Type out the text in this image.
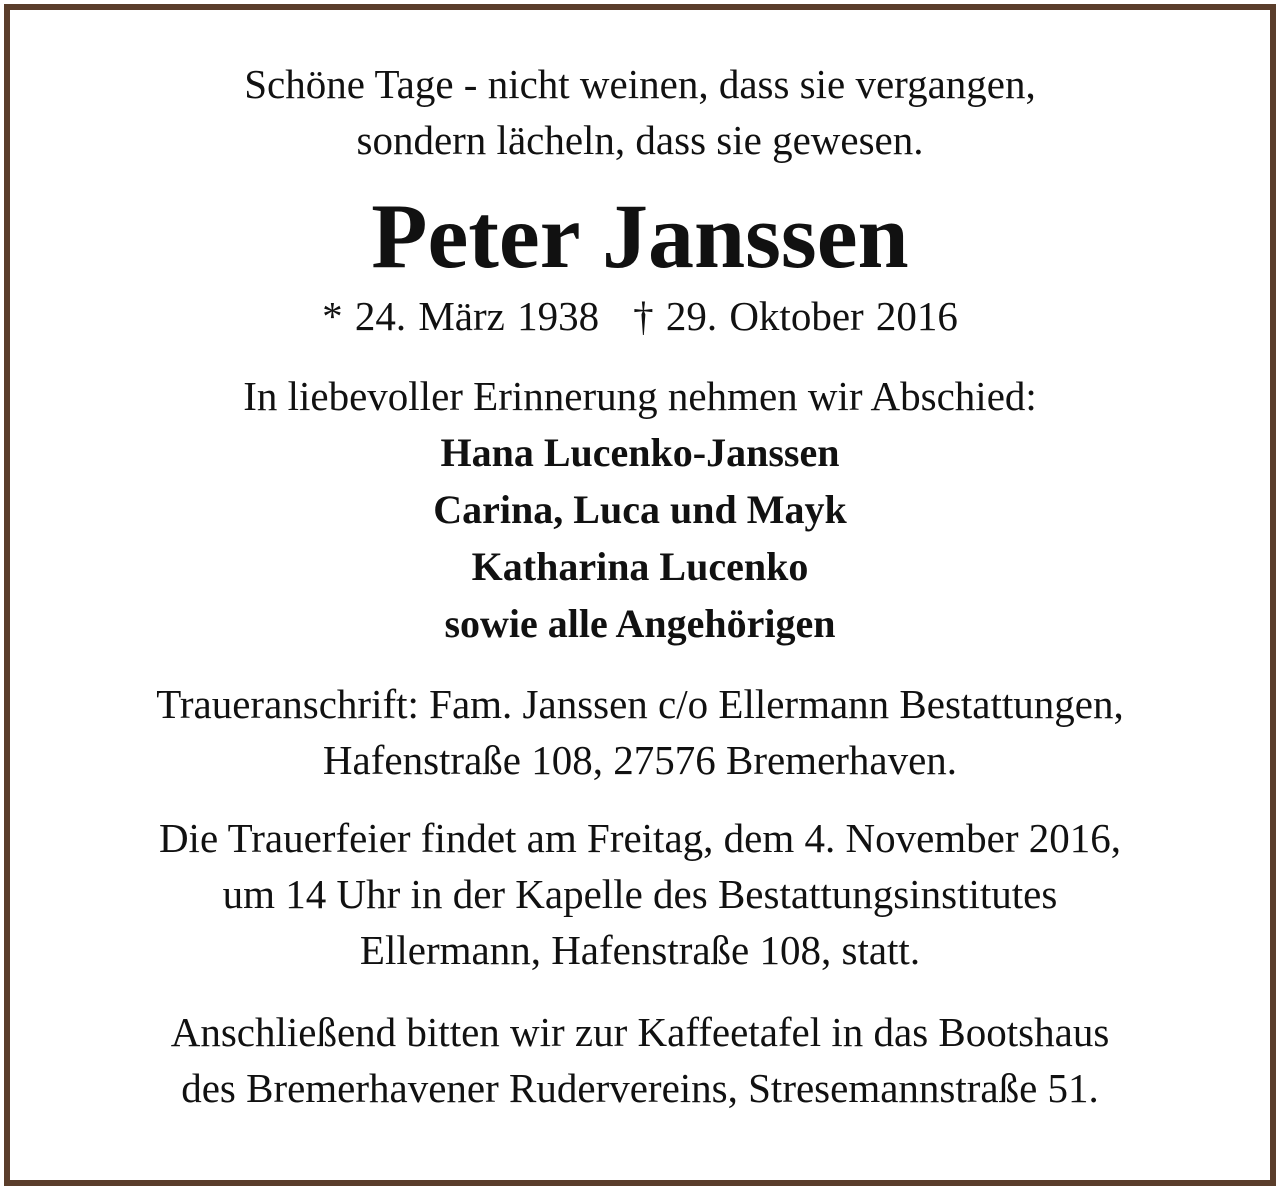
Schöne Tage - nicht weinen, dass sie vergangen,
sondern lächeln, dass sie gewesen.
Peter Janssen
* 24. März 1938 † 29. Oktober 2016
In liebevoller Erinnerung nehmen wir Abschied:
Hana Lucenko-Janssen
Carina, Luca und Mayk
Katharina Lucenko
sowie alle Angehörigen
Traueranschrift: Fam. Janssen c/o Ellermann Bestattungen,
Hafenstraße 108, 27576 Bremerhaven.
Die Trauerfeier findet am Freitag, dem 4. November 2016,
um 14 Uhr in der Kapelle des Bestattungsinstitutes
Ellermann, Hafenstraße 108, statt.
Anschließend bitten wir zur Kaffeetafel in das Bootshaus
des Bremerhavener Rudervereins, Stresemannstraße 51.
